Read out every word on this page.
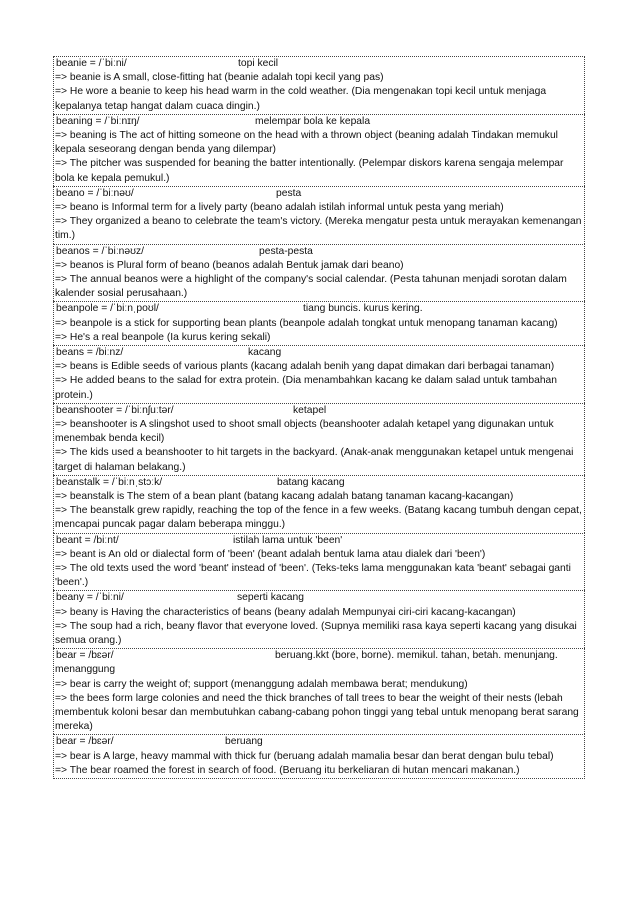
beanie = /ˈbiːni/	topi kecil
=> beanie is A small, close-fitting hat (beanie adalah topi kecil yang pas)
=> He wore a beanie to keep his head warm in the cold weather. (Dia mengenakan topi kecil untuk menjaga kepalanya tetap hangat dalam cuaca dingin.)
beaning = /ˈbiːnɪŋ/	melempar bola ke kepala
=> beaning is The act of hitting someone on the head with a thrown object (beaning adalah Tindakan memukul kepala seseorang dengan benda yang dilempar)
=> The pitcher was suspended for beaning the batter intentionally. (Pelempar diskors karena sengaja melempar bola ke kepala pemukul.)
beano = /ˈbiːnəʊ/	pesta
=> beano is Informal term for a lively party (beano adalah istilah informal untuk pesta yang meriah)
=> They organized a beano to celebrate the team's victory. (Mereka mengatur pesta untuk merayakan kemenangan tim.)
beanos = /ˈbiːnəʊz/	pesta-pesta
=> beanos is Plural form of beano (beanos adalah Bentuk jamak dari beano)
=> The annual beanos were a highlight of the company's social calendar. (Pesta tahunan menjadi sorotan dalam kalender sosial perusahaan.)
beanpole = /ˈbiːnˌpoʊl/	tiang buncis. kurus kering.
=> beanpole is a stick for supporting bean plants (beanpole adalah tongkat untuk menopang tanaman kacang)
=> He's a real beanpole (Ia kurus kering sekali)
beans = /biːnz/	kacang
=> beans is Edible seeds of various plants (kacang adalah benih yang dapat dimakan dari berbagai tanaman)
=> He added beans to the salad for extra protein. (Dia menambahkan kacang ke dalam salad untuk tambahan protein.)
beanshooter = /ˈbiːnʃuːtər/	ketapel
=> beanshooter is A slingshot used to shoot small objects (beanshooter adalah ketapel yang digunakan untuk menembak benda kecil)
=> The kids used a beanshooter to hit targets in the backyard. (Anak-anak menggunakan ketapel untuk mengenai target di halaman belakang.)
beanstalk = /ˈbiːnˌstɔːk/	batang kacang
=> beanstalk is The stem of a bean plant (batang kacang adalah batang tanaman kacang-kacangan)
=> The beanstalk grew rapidly, reaching the top of the fence in a few weeks. (Batang kacang tumbuh dengan cepat, mencapai puncak pagar dalam beberapa minggu.)
beant = /biːnt/	istilah lama untuk 'been'
=> beant is An old or dialectal form of 'been' (beant adalah bentuk lama atau dialek dari 'been')
=> The old texts used the word 'beant' instead of 'been'. (Teks-teks lama menggunakan kata 'beant' sebagai ganti 'been'.)
beany = /ˈbiːni/	seperti kacang
=> beany is Having the characteristics of beans (beany adalah Mempunyai ciri-ciri kacang-kacangan)
=> The soup had a rich, beany flavor that everyone loved. (Supnya memiliki rasa kaya seperti kacang yang disukai semua orang.)
bear = /bɛər/	beruang.kkt (bore, borne). memikul. tahan, betah. menunjang. menanggung
=> bear is carry the weight of; support (menanggung adalah membawa berat; mendukung)
=> the bees form large colonies and need the thick branches of tall trees to bear the weight of their nests (lebah membentuk koloni besar dan membutuhkan cabang-cabang pohon tinggi yang tebal untuk menopang berat sarang mereka)
bear = /bɛər/	beruang
=> bear is A large, heavy mammal with thick fur (beruang adalah mamalia besar dan berat dengan bulu tebal)
=> The bear roamed the forest in search of food. (Beruang itu berkeliaran di hutan mencari makanan.)
